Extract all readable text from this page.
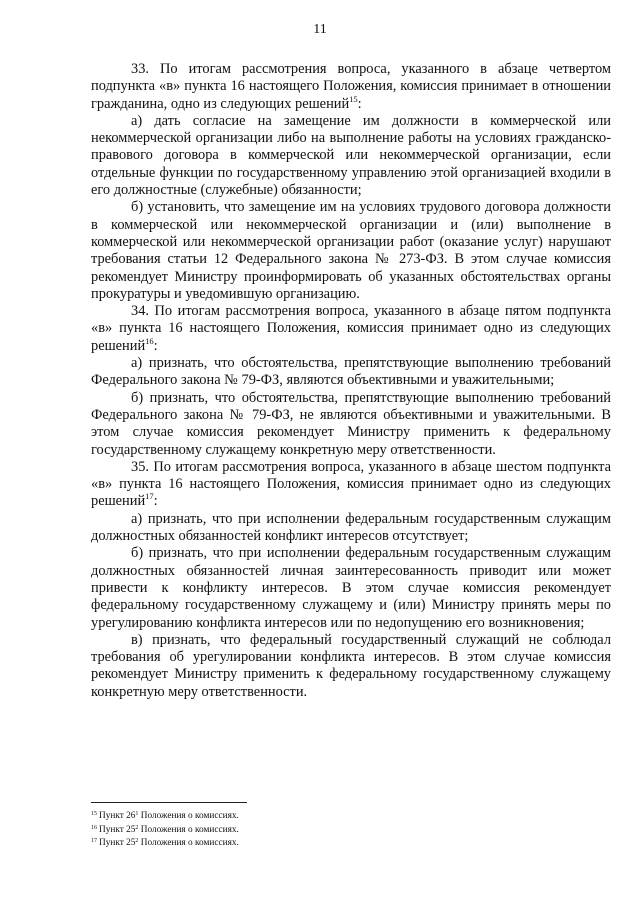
11

33. По итогам рассмотрения вопроса, указанного в абзаце четвертом подпункта «в» пункта 16 настоящего Положения, комиссия принимает в отношении гражданина, одно из следующих решений$^{15}$:

а) дать согласие на замещение им должности в коммерческой или некоммерческой организации либо на выполнение работы на условиях гражданско-правового договора в коммерческой или некоммерческой организации, если отдельные функции по государственному управлению этой организацией входили в его должностные (служебные) обязанности;

б) установить, что замещение им на условиях трудового договора должности в коммерческой или некоммерческой организации и (или) выполнение в коммерческой или некоммерческой организации работ (оказание услуг) нарушают требования статьи 12 Федерального закона № 273-ФЗ. В этом случае комиссия рекомендует Министру проинформировать об указанных обстоятельствах органы прокуратуры и уведомившую организацию.

34. По итогам рассмотрения вопроса, указанного в абзаце пятом подпункта «в» пункта 16 настоящего Положения, комиссия принимает одно из следующих решений$^{16}$:

а) признать, что обстоятельства, препятствующие выполнению требований Федерального закона № 79-ФЗ, являются объективными и уважительными;

б) признать, что обстоятельства, препятствующие выполнению требований Федерального закона № 79-ФЗ, не являются объективными и уважительными. В этом случае комиссия рекомендует Министру применить к федеральному государственному служащему конкретную меру ответственности.

35. По итогам рассмотрения вопроса, указанного в абзаце шестом подпункта «в» пункта 16 настоящего Положения, комиссия принимает одно из следующих решений$^{17}$:

а) признать, что при исполнении федеральным государственным служащим должностных обязанностей конфликт интересов отсутствует;

б) признать, что при исполнении федеральным государственным служащим должностных обязанностей личная заинтересованность приводит или может привести к конфликту интересов. В этом случае комиссия рекомендует федеральному государственному служащему и (или) Министру принять меры по урегулированию конфликта интересов или по недопущению его возникновения;

в) признать, что федеральный государственный служащий не соблюдал требования об урегулировании конфликта интересов. В этом случае комиссия рекомендует Министру применить к федеральному государственному служащему конкретную меру ответственности.

$^{15}$ Пункт $26^1$ Положения о комиссиях.
$^{16}$ Пункт $25^2$ Положения о комиссиях.
$^{17}$ Пункт $25^2$ Положения о комиссиях.
